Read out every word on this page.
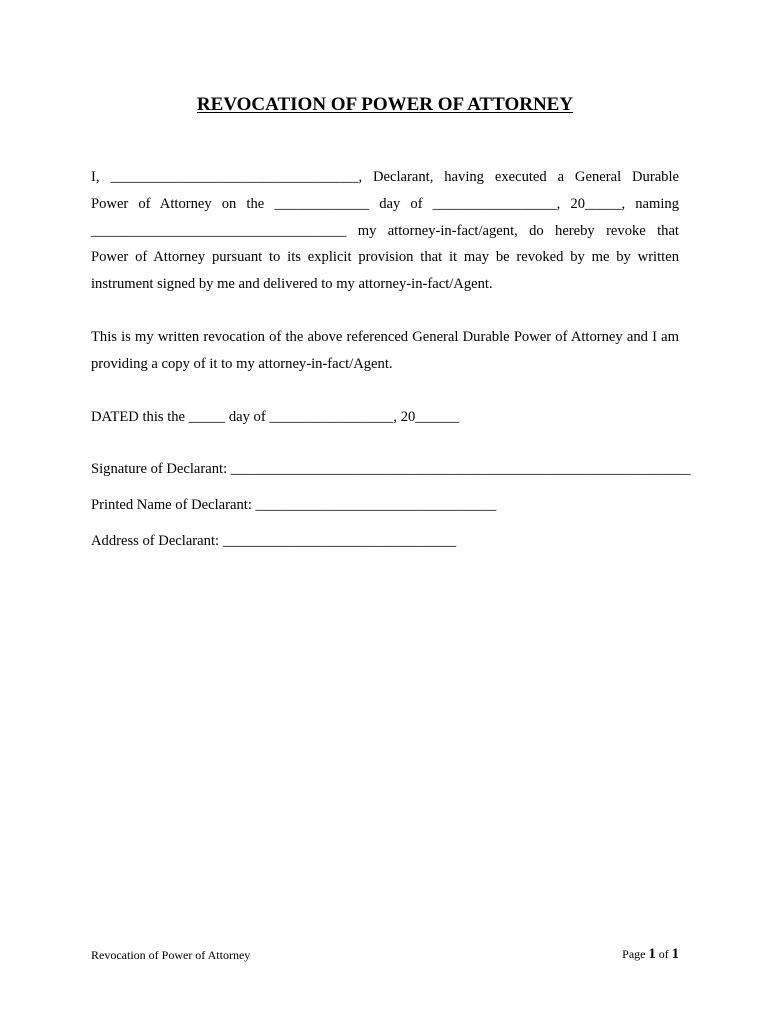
REVOCATION OF POWER OF ATTORNEY
I, __________________________________, Declarant, having executed a General Durable
Power of Attorney on the _____________ day of _________________, 20_____, naming
___________________________________ my attorney-in-fact/agent, do hereby revoke that
Power of Attorney pursuant to its explicit provision that it may be revoked by me by written
instrument signed by me and delivered to my attorney-in-fact/Agent.
This is my written revocation of the above referenced General Durable Power of Attorney and I am providing a copy of it to my attorney-in-fact/Agent.
DATED this the _____ day of _________________, 20______
Signature of Declarant: _______________________________________________________________
Printed Name of Declarant: _________________________________
Address of Declarant: ________________________________
Revocation of Power of Attorney	Page 1 of 1
